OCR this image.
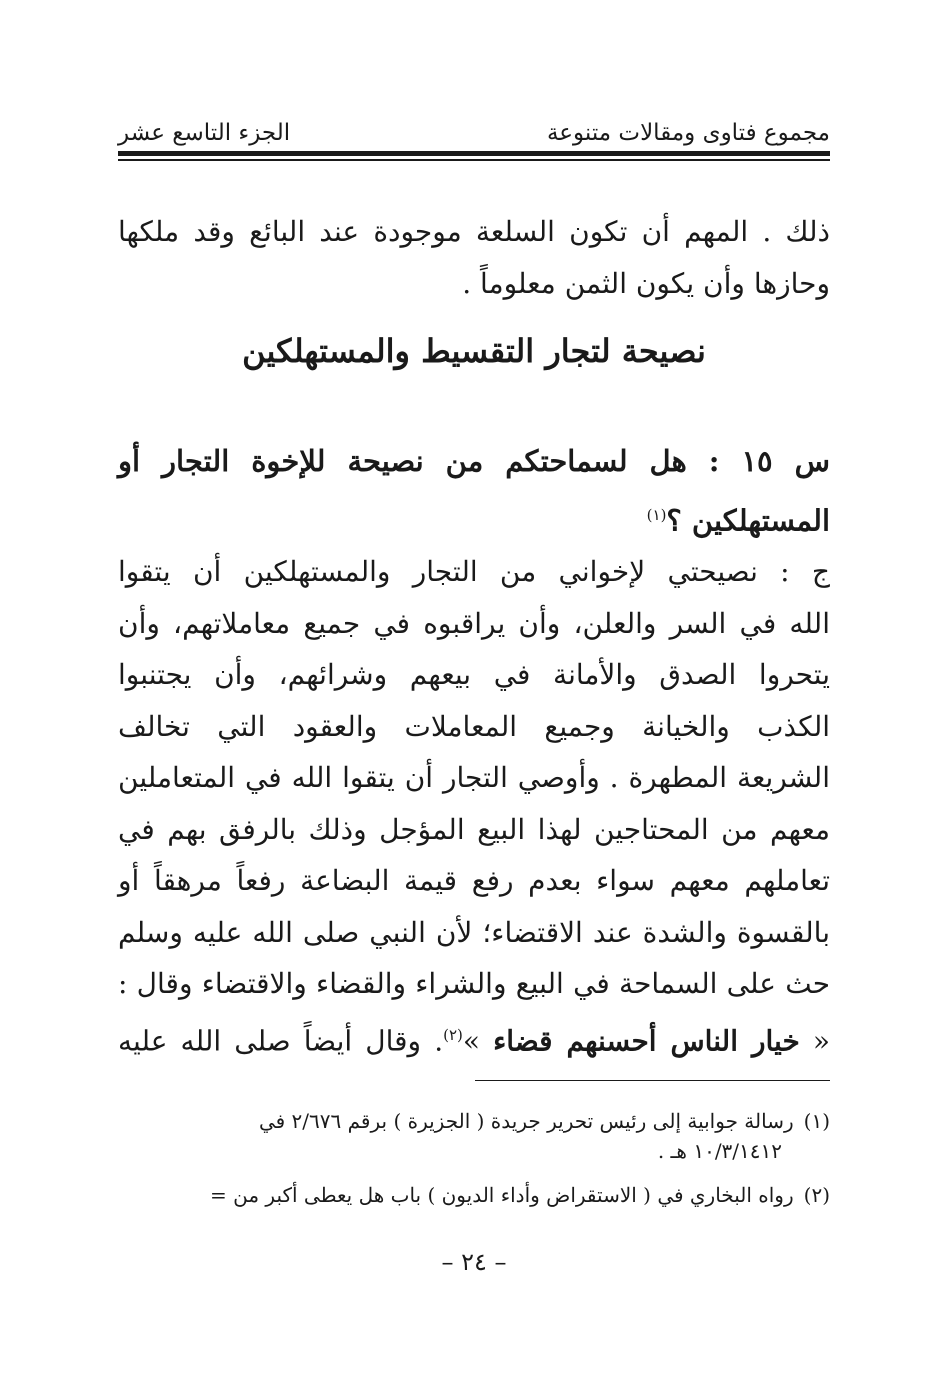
مجموع فتاوى ومقالات متنوعة
الجزء التاسع عشر
ذلك . المهم أن تكون السلعة موجودة عند البائع وقد ملكها
وحازها وأن يكون الثمن معلوماً .
نصيحة لتجار التقسيط والمستهلكين
س ١٥ : هل لسماحتكم من نصيحة للإخوة التجار أو
المستهلكين ؟$^{(١)}$
ج : نصيحتي لإخواني من التجار والمستهلكين أن يتقوا
الله في السر والعلن، وأن يراقبوه في جميع معاملاتهم، وأن
يتحروا الصدق والأمانة في بيعهم وشرائهم، وأن يجتنبوا
الكذب والخيانة وجميع المعاملات والعقود التي تخالف
الشريعة المطهرة . وأوصي التجار أن يتقوا الله في المتعاملين
معهم من المحتاجين لهذا البيع المؤجل وذلك بالرفق بهم في
تعاملهم معهم سواء بعدم رفع قيمة البضاعة رفعاً مرهقاً أو
بالقسوة والشدة عند الاقتضاء؛ لأن النبي صلى الله عليه وسلم
حث على السماحة في البيع والشراء والقضاء والاقتضاء وقال :
« خيار الناس أحسنهم قضاء »$^{(٢)}$. وقال أيضاً صلى الله عليه
(١)رسالة جوابية إلى رئيس تحرير جريدة ( الجزيرة ) برقم ٢/٦٧٦ في
١٠/٣/١٤١٢ هـ .
(٢)رواه البخاري في ( الاستقراض وأداء الديون ) باب هل يعطى أكبر من =
– ٢٤ –
